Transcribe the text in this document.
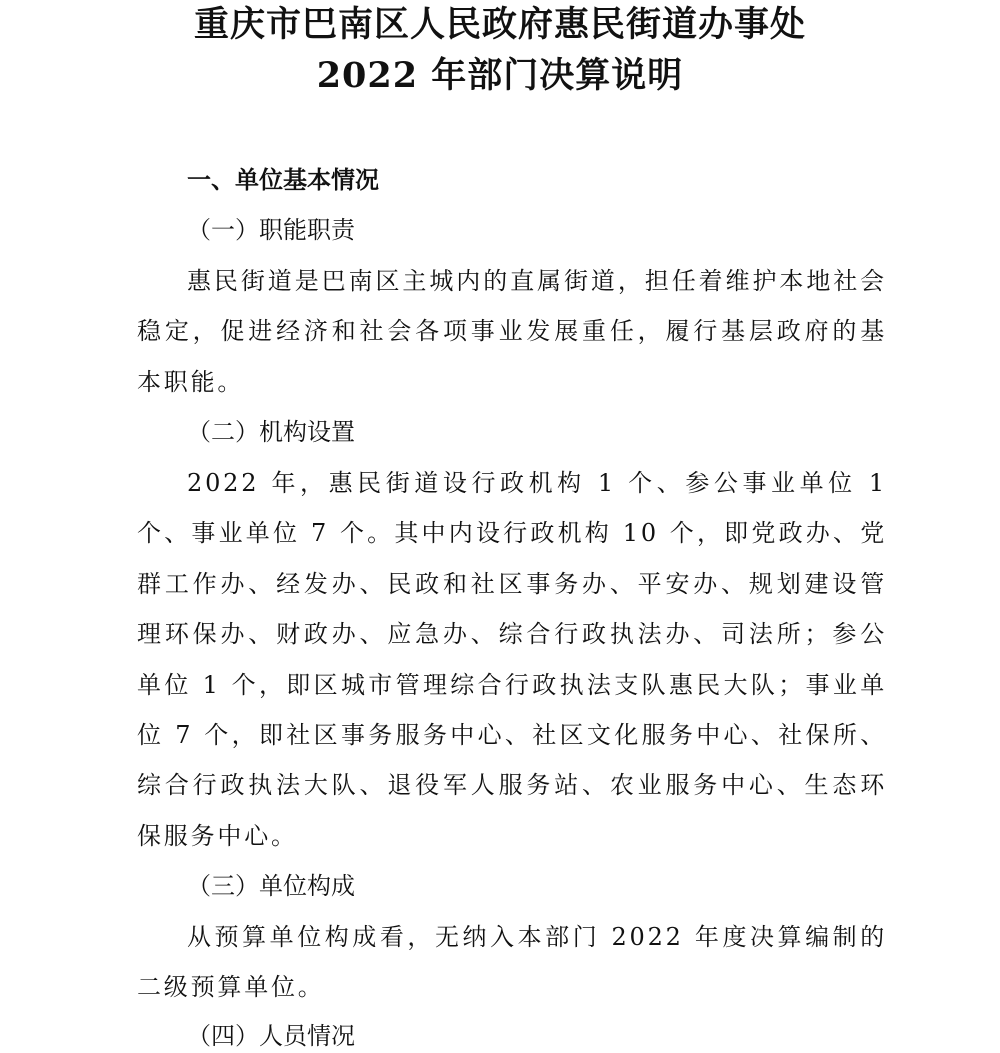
重庆市巴南区人民政府惠民街道办事处
2022 年部门决算说明
一、单位基本情况
（一）职能职责
惠民街道是巴南区主城内的直属街道，担任着维护本地社会稳定，促进经济和社会各项事业发展重任，履行基层政府的基本职能。
（二）机构设置
2022 年，惠民街道设行政机构 1 个、参公事业单位 1 个、事业单位 7 个。其中内设行政机构 10 个，即党政办、党群工作办、经发办、民政和社区事务办、平安办、规划建设管理环保办、财政办、应急办、综合行政执法办、司法所；参公单位 1 个，即区城市管理综合行政执法支队惠民大队；事业单位 7 个，即社区事务服务中心、社区文化服务中心、社保所、综合行政执法大队、退役军人服务站、农业服务中心、生态环保服务中心。
（三）单位构成
从预算单位构成看，无纳入本部门 2022 年度决算编制的二级预算单位。
（四）人员情况
